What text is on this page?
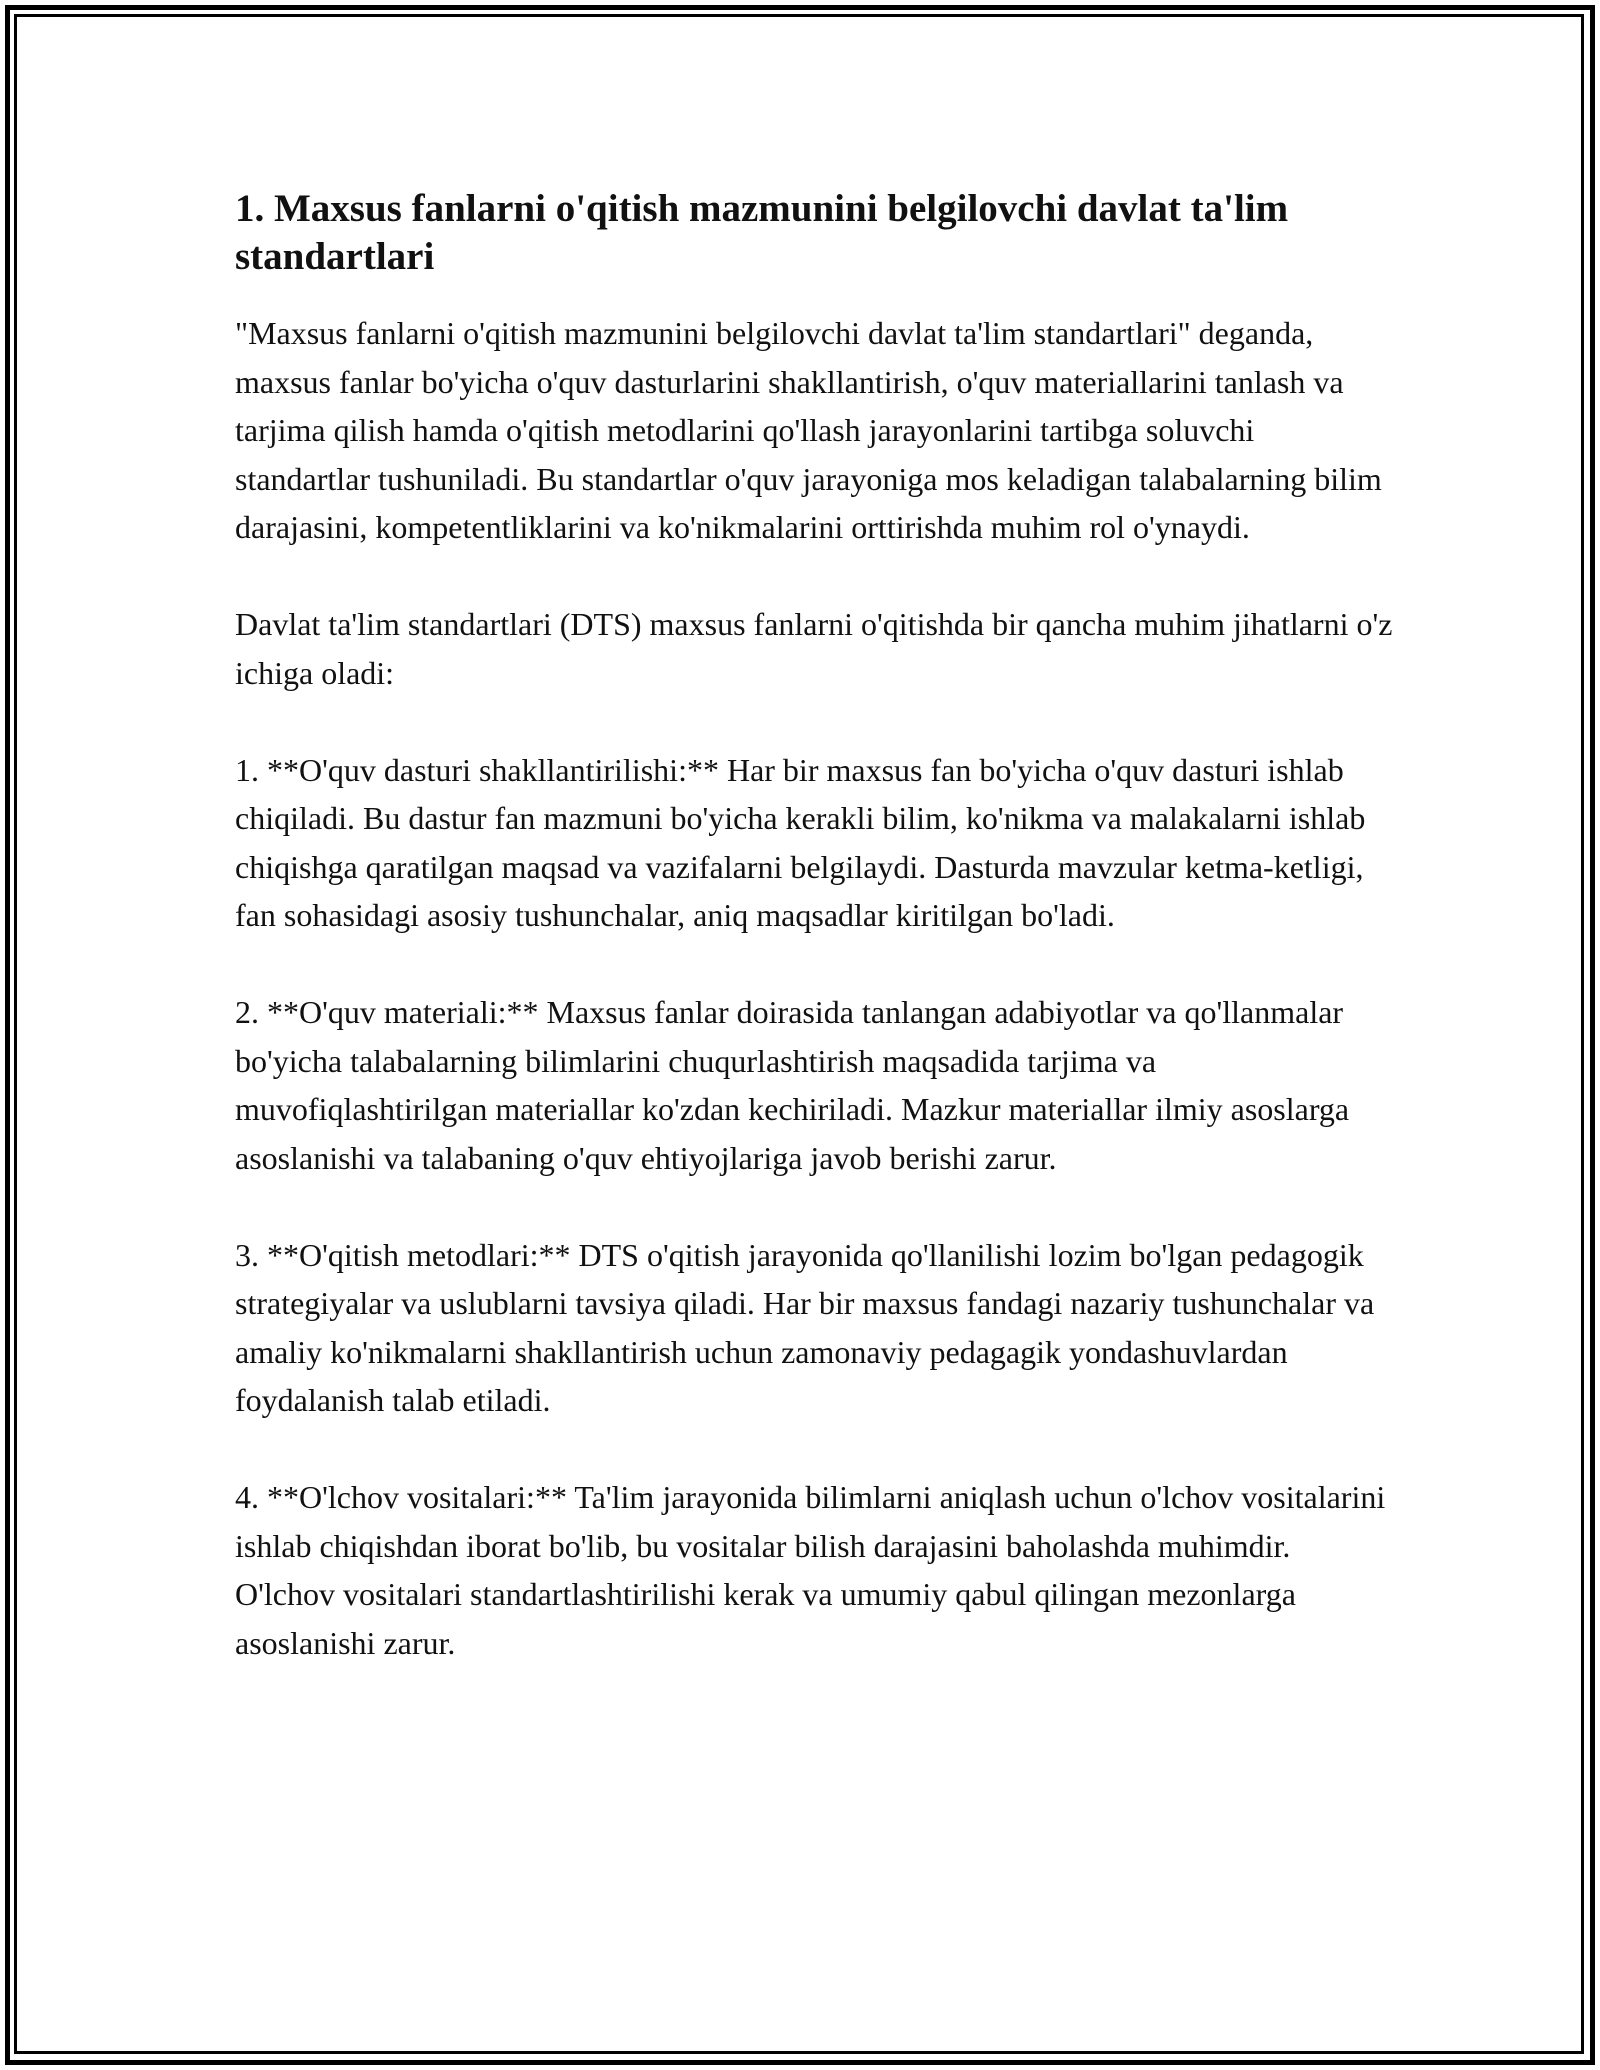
1. Maxsus fanlarni o'qitish mazmunini belgilovchi davlat ta'lim standartlari

"Maxsus fanlarni o'qitish mazmunini belgilovchi davlat ta'lim standartlari" deganda, maxsus fanlar bo'yicha o'quv dasturlarini shakllantirish, o'quv materiallarini tanlash va tarjima qilish hamda o'qitish metodlarini qo'llash jarayonlarini tartibga soluvchi standartlar tushuniladi. Bu standartlar o'quv jarayoniga mos keladigan talabalarning bilim darajasini, kompetentliklarini va ko'nikmalarini orttirishda muhim rol o'ynaydi.

Davlat ta'lim standartlari (DTS) maxsus fanlarni o'qitishda bir qancha muhim jihatlarni o'z ichiga oladi:

1. **O'quv dasturi shakllantirilishi:** Har bir maxsus fan bo'yicha o'quv dasturi ishlab chiqiladi. Bu dastur fan mazmuni bo'yicha kerakli bilim, ko'nikma va malakalarni ishlab chiqishga qaratilgan maqsad va vazifalarni belgilaydi. Dasturda mavzular ketma-ketligi, fan sohasidagi asosiy tushunchalar, aniq maqsadlar kiritilgan bo'ladi.

2. **O'quv materiali:** Maxsus fanlar doirasida tanlangan adabiyotlar va qo'llanmalar bo'yicha talabalarning bilimlarini chuqurlashtirish maqsadida tarjima va muvofiqlashtirilgan materiallar ko'zdan kechiriladi. Mazkur materiallar ilmiy asoslarga asoslanishi va talabaning o'quv ehtiyojlariga javob berishi zarur.

3. **O'qitish metodlari:** DTS o'qitish jarayonida qo'llanilishi lozim bo'lgan pedagogik strategiyalar va uslublarni tavsiya qiladi. Har bir maxsus fandagi nazariy tushunchalar va amaliy ko'nikmalarni shakllantirish uchun zamonaviy pedagagik yondashuvlardan foydalanish talab etiladi.

4. **O'lchov vositalari:** Ta'lim jarayonida bilimlarni aniqlash uchun o'lchov vositalarini ishlab chiqishdan iborat bo'lib, bu vositalar bilish darajasini baholashda muhimdir. O'lchov vositalari standartlashtirilishi kerak va umumiy qabul qilingan mezonlarga asoslanishi zarur.
